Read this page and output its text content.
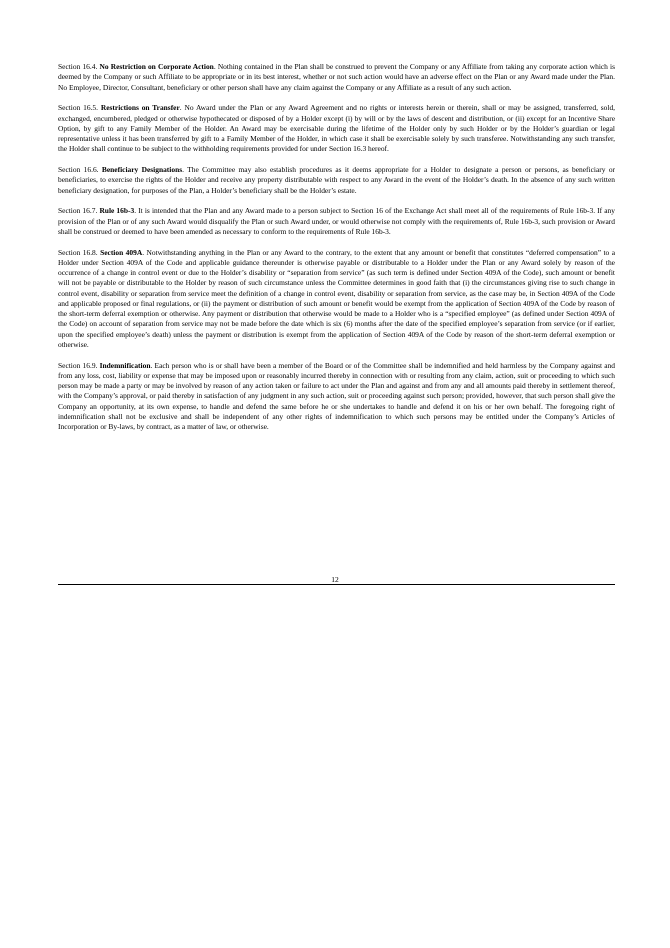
Section 16.4. No Restriction on Corporate Action. Nothing contained in the Plan shall be construed to prevent the Company or any Affiliate from taking any corporate action which is deemed by the Company or such Affiliate to be appropriate or in its best interest, whether or not such action would have an adverse effect on the Plan or any Award made under the Plan. No Employee, Director, Consultant, beneficiary or other person shall have any claim against the Company or any Affiliate as a result of any such action.

Section 16.5. Restrictions on Transfer. No Award under the Plan or any Award Agreement and no rights or interests herein or therein, shall or may be assigned, transferred, sold, exchanged, encumbered, pledged or otherwise hypothecated or disposed of by a Holder except (i) by will or by the laws of descent and distribution, or (ii) except for an Incentive Share Option, by gift to any Family Member of the Holder. An Award may be exercisable during the lifetime of the Holder only by such Holder or by the Holder’s guardian or legal representative unless it has been transferred by gift to a Family Member of the Holder, in which case it shall be exercisable solely by such transferee. Notwithstanding any such transfer, the Holder shall continue to be subject to the withholding requirements provided for under Section 16.3 hereof.

Section 16.6. Beneficiary Designations. The Committee may also establish procedures as it deems appropriate for a Holder to designate a person or persons, as beneficiary or beneficiaries, to exercise the rights of the Holder and receive any property distributable with respect to any Award in the event of the Holder’s death. In the absence of any such written beneficiary designation, for purposes of the Plan, a Holder’s beneficiary shall be the Holder’s estate.

Section 16.7. Rule 16b-3. It is intended that the Plan and any Award made to a person subject to Section 16 of the Exchange Act shall meet all of the requirements of Rule 16b-3. If any provision of the Plan or of any such Award would disqualify the Plan or such Award under, or would otherwise not comply with the requirements of, Rule 16b-3, such provision or Award shall be construed or deemed to have been amended as necessary to conform to the requirements of Rule 16b-3.

Section 16.8. Section 409A. Notwithstanding anything in the Plan or any Award to the contrary, to the extent that any amount or benefit that constitutes “deferred compensation” to a Holder under Section 409A of the Code and applicable guidance thereunder is otherwise payable or distributable to a Holder under the Plan or any Award solely by reason of the occurrence of a change in control event or due to the Holder’s disability or “separation from service” (as such term is defined under Section 409A of the Code), such amount or benefit will not be payable or distributable to the Holder by reason of such circumstance unless the Committee determines in good faith that (i) the circumstances giving rise to such change in control event, disability or separation from service meet the definition of a change in control event, disability or separation from service, as the case may be, in Section 409A of the Code and applicable proposed or final regulations, or (ii) the payment or distribution of such amount or benefit would be exempt from the application of Section 409A of the Code by reason of the short-term deferral exemption or otherwise. Any payment or distribution that otherwise would be made to a Holder who is a “specified employee” (as defined under Section 409A of the Code) on account of separation from service may not be made before the date which is six (6) months after the date of the specified employee’s separation from service (or if earlier, upon the specified employee’s death) unless the payment or distribution is exempt from the application of Section 409A of the Code by reason of the short-term deferral exemption or otherwise.

Section 16.9. Indemnification. Each person who is or shall have been a member of the Board or of the Committee shall be indemnified and held harmless by the Company against and from any loss, cost, liability or expense that may be imposed upon or reasonably incurred thereby in connection with or resulting from any claim, action, suit or proceeding to which such person may be made a party or may be involved by reason of any action taken or failure to act under the Plan and against and from any and all amounts paid thereby in settlement thereof, with the Company’s approval, or paid thereby in satisfaction of any judgment in any such action, suit or proceeding against such person; provided, however, that such person shall give the Company an opportunity, at its own expense, to handle and defend the same before he or she undertakes to handle and defend it on his or her own behalf. The foregoing right of indemnification shall not be exclusive and shall be independent of any other rights of indemnification to which such persons may be entitled under the Company’s Articles of Incorporation or By-laws, by contract, as a matter of law, or otherwise.

12
